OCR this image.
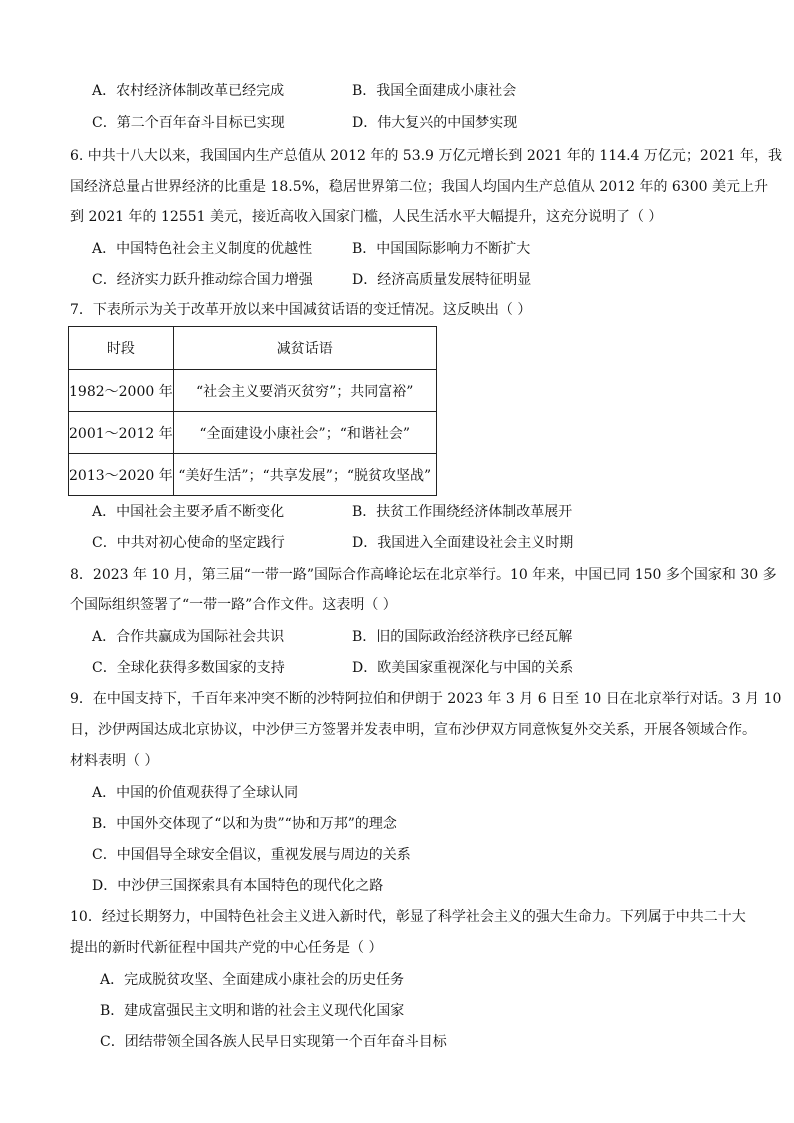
A．农村经济体制改革已经完成	B．我国全面建成小康社会
C．第二个百年奋斗目标已实现	D．伟大复兴的中国梦实现
6. 中共十八大以来，我国国内生产总值从 2012 年的 53.9 万亿元增长到 2021 年的 114.4 万亿元；2021 年，我
国经济总量占世界经济的比重是 18.5%，稳居世界第二位；我国人均国内生产总值从 2012 年的 6300 美元上升
到 2021 年的 12551 美元，接近高收入国家门槛，人民生活水平大幅提升，这充分说明了（ ）
A．中国特色社会主义制度的优越性	B．中国国际影响力不断扩大
C．经济实力跃升推动综合国力增强	D．经济高质量发展特征明显
7．下表所示为关于改革开放以来中国减贫话语的变迁情况。这反映出（ ）
时段	减贫话语
1982～2000 年	“社会主义要消灭贫穷”；共同富裕”
2001～2012 年	“全面建设小康社会”；“和谐社会”
2013～2020 年	“美好生活”；“共享发展”；“脱贫攻坚战”
A．中国社会主要矛盾不断变化	B．扶贫工作围绕经济体制改革展开
C．中共对初心使命的坚定践行	D．我国进入全面建设社会主义时期
8．2023 年 10 月，第三届“一带一路”国际合作高峰论坛在北京举行。10 年来，中国已同 150 多个国家和 30 多
个国际组织签署了“一带一路”合作文件。这表明（ ）
A．合作共赢成为国际社会共识	B．旧的国际政治经济秩序已经瓦解
C．全球化获得多数国家的支持	D．欧美国家重视深化与中国的关系
9．在中国支持下，千百年来冲突不断的沙特阿拉伯和伊朗于 2023 年 3 月 6 日至 10 日在北京举行对话。3 月 10
日，沙伊两国达成北京协议，中沙伊三方签署并发表申明，宣布沙伊双方同意恢复外交关系，开展各领域合作。
材料表明（ ）
A．中国的价值观获得了全球认同
B．中国外交体现了“以和为贵”“协和万邦”的理念
C．中国倡导全球安全倡议，重视发展与周边的关系
D．中沙伊三国探索具有本国特色的现代化之路
10．经过长期努力，中国特色社会主义进入新时代，彰显了科学社会主义的强大生命力。下列属于中共二十大
提出的新时代新征程中国共产党的中心任务是（ ）
A．完成脱贫攻坚、全面建成小康社会的历史任务
B．建成富强民主文明和谐的社会主义现代化国家
C．团结带领全国各族人民早日实现第一个百年奋斗目标
